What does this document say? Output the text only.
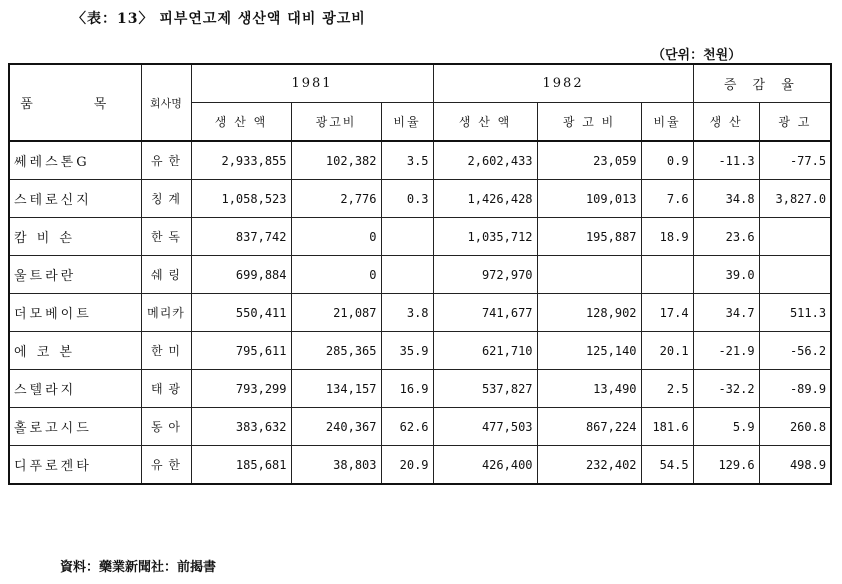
〈表：13〉 피부연고제 생산액 대비 광고비
（단위：천원）
품　목	회사명	1981			1982			증 감 율	
		생 산 액	광고비	비율	생 산 액	광 고 비	비율	생 산	광 고
쎄레스톤G	유 한	2,933,855	102,382	3.5	2,602,433	23,059	0.9	-11.3	-77.5
스테로신지	칭 계	1,058,523	2,776	0.3	1,426,428	109,013	7.6	34.8	3,827.0
캄 비 손	한 독	837,742	0		1,035,712	195,887	18.9	23.6	
울트라란	쉐 링	699,884	0		972,970			39.0	
더모베이트	메리카	550,411	21,087	3.8	741,677	128,902	17.4	34.7	511.3
에 코 본	한 미	795,611	285,365	35.9	621,710	125,140	20.1	-21.9	-56.2
스텔라지	태 광	793,299	134,157	16.9	537,827	13,490	2.5	-32.2	-89.9
홀로고시드	동 아	383,632	240,367	62.6	477,503	867,224	181.6	5.9	260.8
디푸로겐타	유 한	185,681	38,803	20.9	426,400	232,402	54.5	129.6	498.9
資料：藥業新聞社：前揭書
